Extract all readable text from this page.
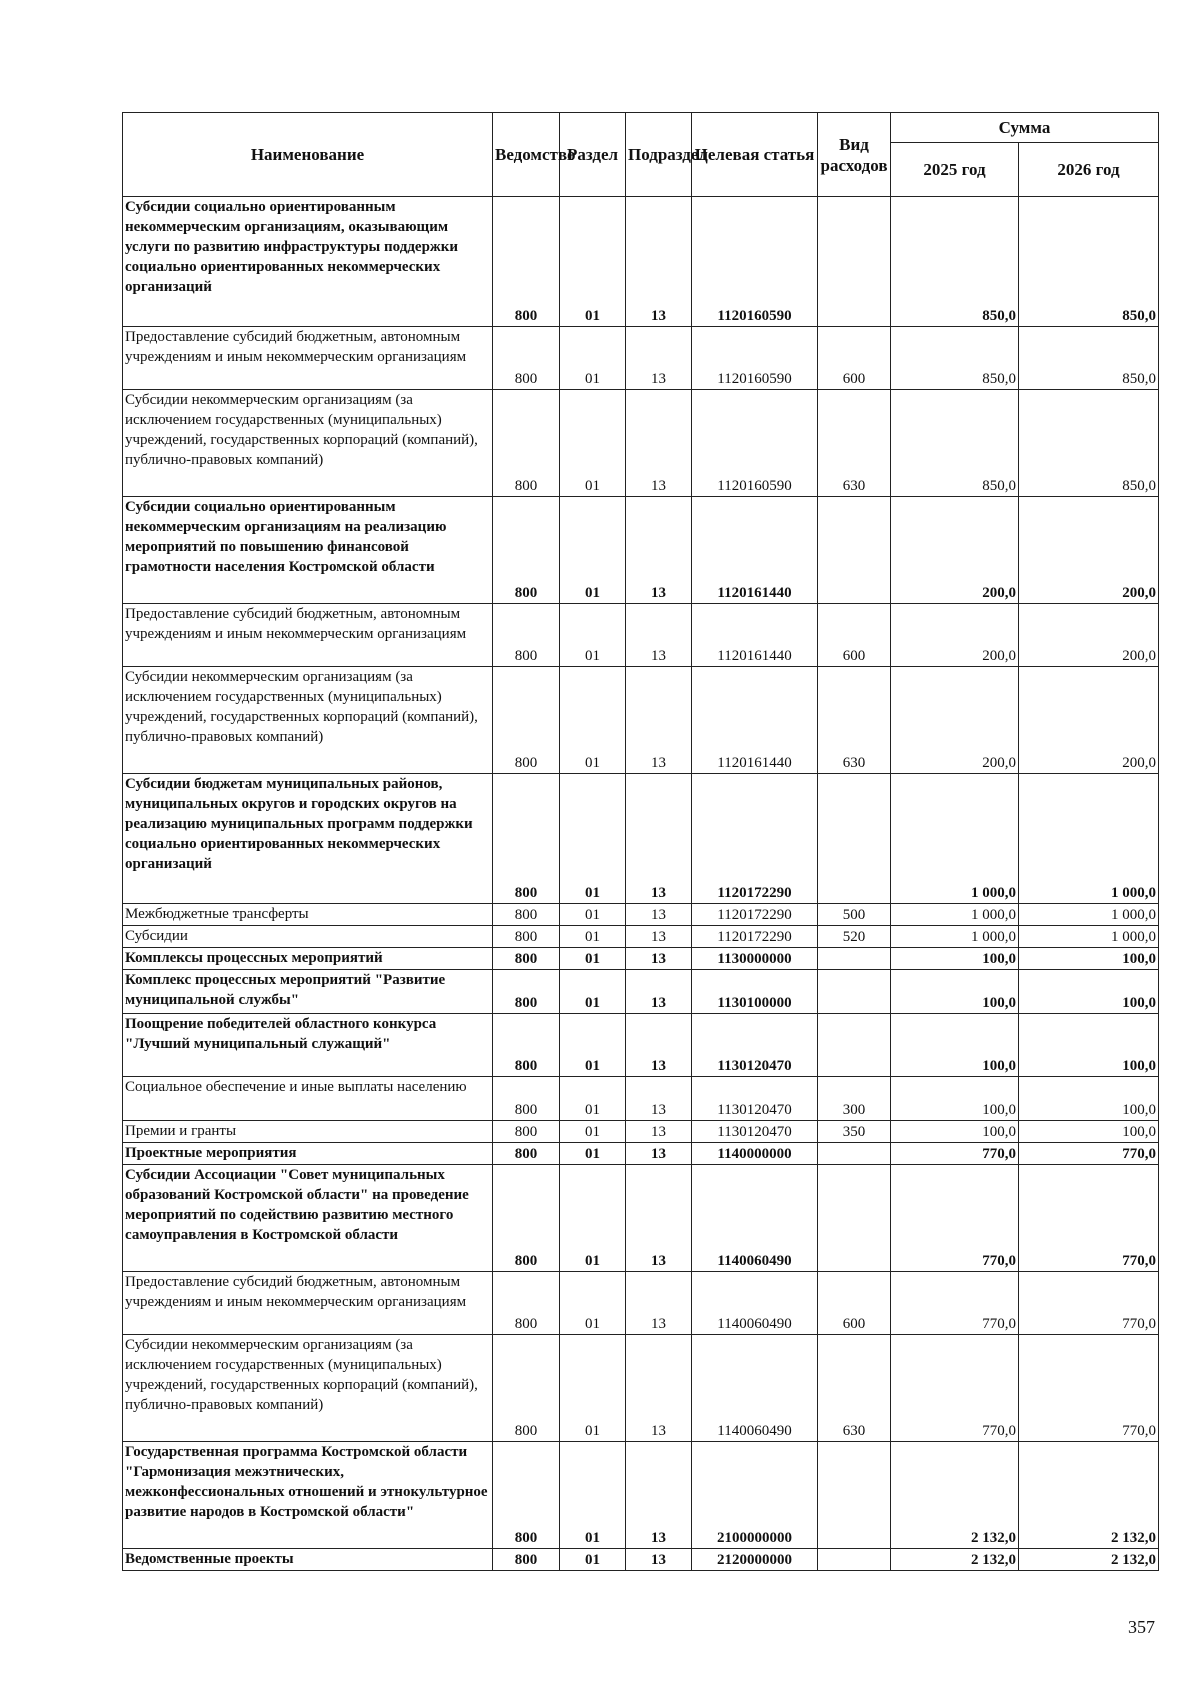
Наименование	Ведомство	Раздел	Подраздел	Целевая статья	Вид расходов	Сумма	
						2025 год	2026 год
Субсидии социально ориентированным некоммерческим организациям, оказывающим услуги по развитию инфраструктуры поддержки социально ориентированных некоммерческих организаций	800	01	13	1120160590		850,0	850,0
Предоставление субсидий бюджетным, автономным учреждениям и иным некоммерческим организациям	800	01	13	1120160590	600	850,0	850,0
Субсидии некоммерческим организациям (за исключением государственных (муниципальных) учреждений, государственных корпораций (компаний), публично-правовых компаний)	800	01	13	1120160590	630	850,0	850,0
Субсидии социально ориентированным некоммерческим организациям на реализацию мероприятий по повышению финансовой грамотности населения Костромской области	800	01	13	1120161440		200,0	200,0
Предоставление субсидий бюджетным, автономным учреждениям и иным некоммерческим организациям	800	01	13	1120161440	600	200,0	200,0
Субсидии некоммерческим организациям (за исключением государственных (муниципальных) учреждений, государственных корпораций (компаний), публично-правовых компаний)	800	01	13	1120161440	630	200,0	200,0
Субсидии бюджетам муниципальных районов, муниципальных округов и городских округов на реализацию муниципальных программ поддержки социально ориентированных некоммерческих организаций	800	01	13	1120172290		1 000,0	1 000,0
Межбюджетные трансферты	800	01	13	1120172290	500	1 000,0	1 000,0
Субсидии	800	01	13	1120172290	520	1 000,0	1 000,0
Комплексы процессных мероприятий	800	01	13	1130000000		100,0	100,0
Комплекс процессных мероприятий "Развитие муниципальной службы"	800	01	13	1130100000		100,0	100,0
Поощрение победителей областного конкурса "Лучший муниципальный служащий"	800	01	13	1130120470		100,0	100,0
Социальное обеспечение и иные выплаты населению	800	01	13	1130120470	300	100,0	100,0
Премии и гранты	800	01	13	1130120470	350	100,0	100,0
Проектные мероприятия	800	01	13	1140000000		770,0	770,0
Субсидии Ассоциации "Совет муниципальных образований Костромской области" на проведение мероприятий по содействию развитию местного самоуправления в Костромской области	800	01	13	1140060490		770,0	770,0
Предоставление субсидий бюджетным, автономным учреждениям и иным некоммерческим организациям	800	01	13	1140060490	600	770,0	770,0
Субсидии некоммерческим организациям (за исключением государственных (муниципальных) учреждений, государственных корпораций (компаний), публично-правовых компаний)	800	01	13	1140060490	630	770,0	770,0
Государственная программа Костромской области "Гармонизация межэтнических, межконфессиональных отношений и этнокультурное развитие народов в Костромской области"	800	01	13	2100000000		2 132,0	2 132,0
Ведомственные проекты	800	01	13	2120000000		2 132,0	2 132,0
357
